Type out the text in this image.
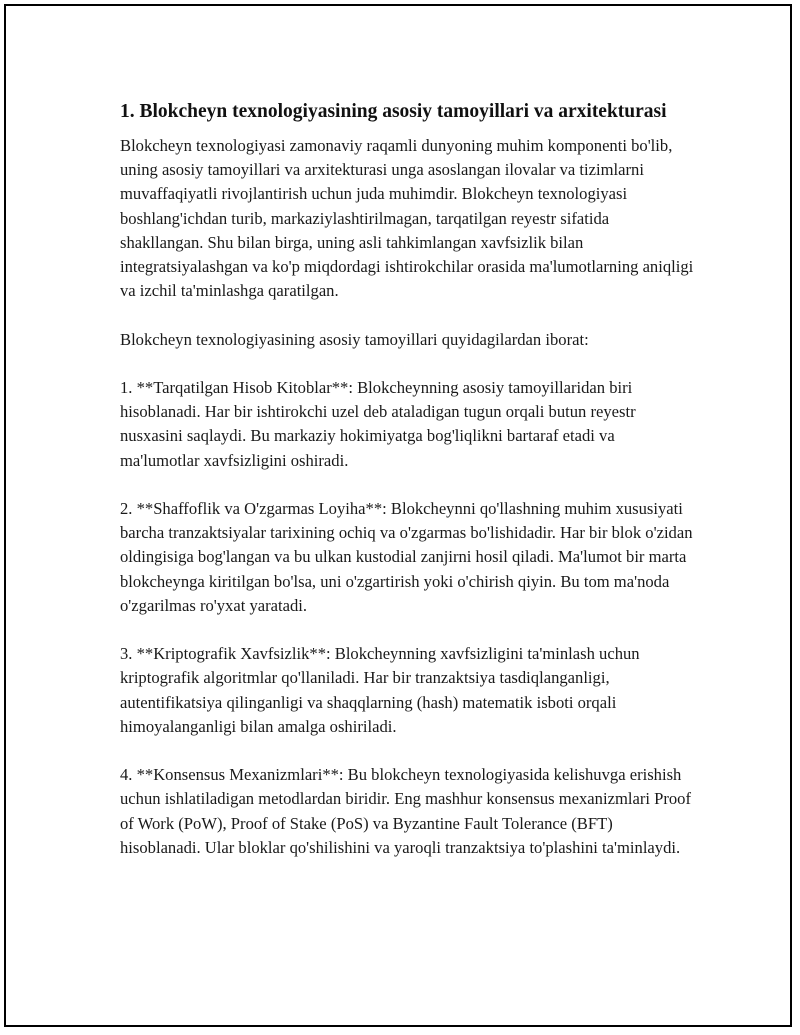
1. Blokcheyn texnologiyasining asosiy tamoyillari va arxitekturasi

Blokcheyn texnologiyasi zamonaviy raqamli dunyoning muhim komponenti bo'lib, uning asosiy tamoyillari va arxitekturasi unga asoslangan ilovalar va tizimlarni muvaffaqiyatli rivojlantirish uchun juda muhimdir. Blokcheyn texnologiyasi boshlang'ichdan turib, markaziylashtirilmagan, tarqatilgan reyestr sifatida shakllangan. Shu bilan birga, uning asli tahkimlangan xavfsizlik bilan integratsiyalashgan va ko'p miqdordagi ishtirokchilar orasida ma'lumotlarning aniqligi va izchil ta'minlashga qaratilgan.

Blokcheyn texnologiyasining asosiy tamoyillari quyidagilardan iborat:

1. **Tarqatilgan Hisob Kitoblar**: Blokcheynning asosiy tamoyillaridan biri hisoblanadi. Har bir ishtirokchi uzel deb ataladigan tugun orqali butun reyestr nusxasini saqlaydi. Bu markaziy hokimiyatga bog'liqlikni bartaraf etadi va ma'lumotlar xavfsizligini oshiradi.

2. **Shaffoflik va O'zgarmas Loyiha**: Blokcheynni qo'llashning muhim xususiyati barcha tranzaktsiyalar tarixining ochiq va o'zgarmas bo'lishidadir. Har bir blok o'zidan oldingisiga bog'langan va bu ulkan kustodial zanjirni hosil qiladi. Ma'lumot bir marta blokcheynga kiritilgan bo'lsa, uni o'zgartirish yoki o'chirish qiyin. Bu tom ma'noda o'zgarilmas ro'yxat yaratadi.

3. **Kriptografik Xavfsizlik**: Blokcheynning xavfsizligini ta'minlash uchun kriptografik algoritmlar qo'llaniladi. Har bir tranzaktsiya tasdiqlanganligi, autentifikatsiya qilinganligi va shaqqlarning (hash) matematik isboti orqali himoyalanganligi bilan amalga oshiriladi.

4. **Konsensus Mexanizmlari**: Bu blokcheyn texnologiyasida kelishuvga erishish uchun ishlatiladigan metodlardan biridir. Eng mashhur konsensus mexanizmlari Proof of Work (PoW), Proof of Stake (PoS) va Byzantine Fault Tolerance (BFT) hisoblanadi. Ular bloklar qo'shilishini va yaroqli tranzaktsiya to'plashini ta'minlaydi.
